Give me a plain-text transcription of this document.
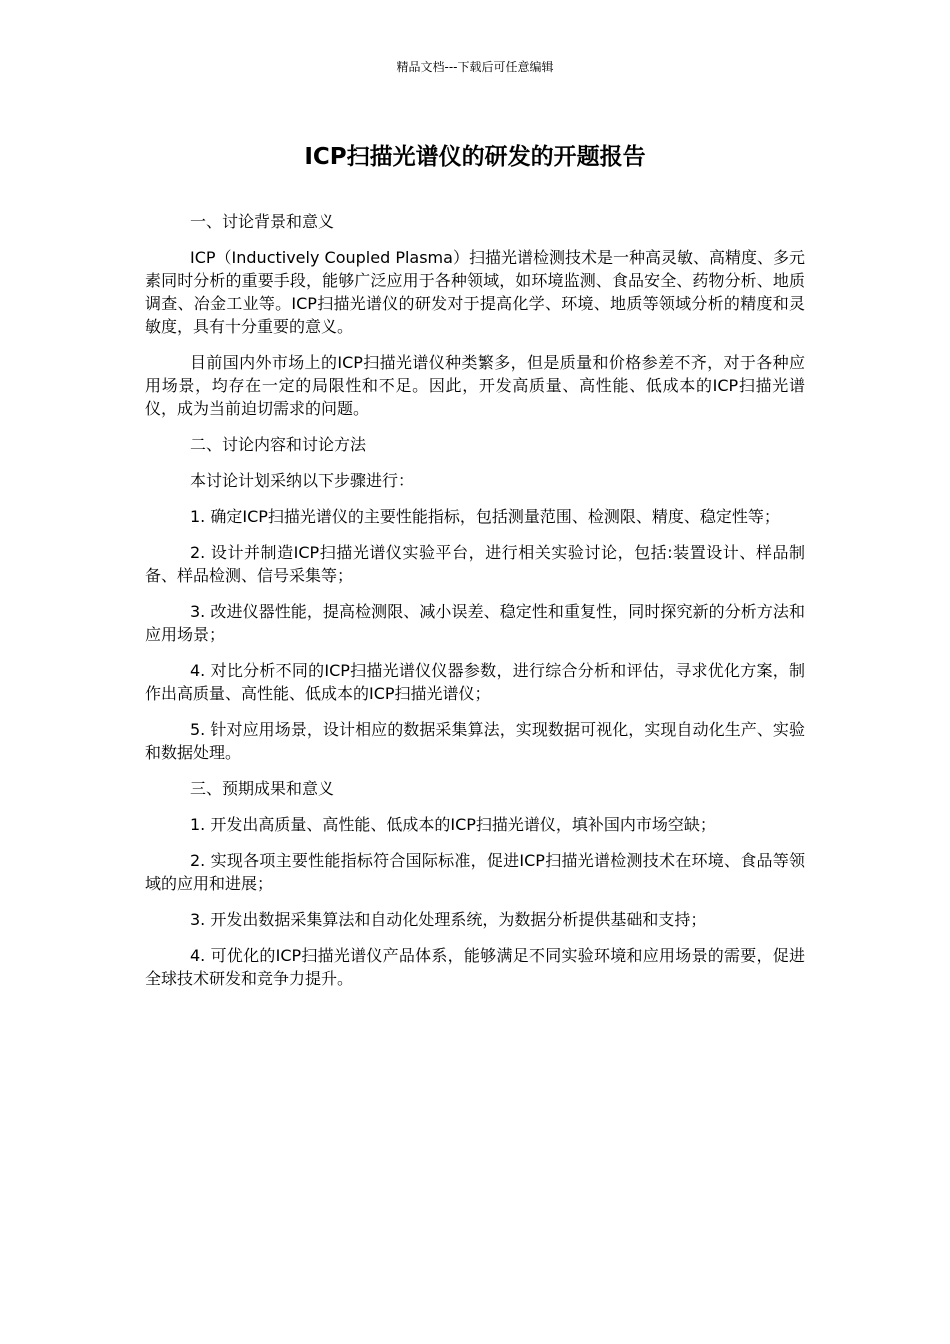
精品文档---下载后可任意编辑
ICP扫描光谱仪的研发的开题报告

一、讨论背景和意义

ICP（Inductively Coupled Plasma）扫描光谱检测技术是一种高灵敏、高精度、多元素同时分析的重要手段，能够广泛应用于各种领域，如环境监测、食品安全、药物分析、地质调查、冶金工业等。ICP扫描光谱仪的研发对于提高化学、环境、地质等领域分析的精度和灵敏度，具有十分重要的意义。

目前国内外市场上的ICP扫描光谱仪种类繁多，但是质量和价格参差不齐，对于各种应用场景，均存在一定的局限性和不足。因此，开发高质量、高性能、低成本的ICP扫描光谱仪，成为当前迫切需求的问题。

二、讨论内容和讨论方法

本讨论计划采纳以下步骤进行：

1. 确定ICP扫描光谱仪的主要性能指标，包括测量范围、检测限、精度、稳定性等；

2. 设计并制造ICP扫描光谱仪实验平台，进行相关实验讨论，包括:装置设计、样品制备、样品检测、信号采集等；

3. 改进仪器性能，提高检测限、减小误差、稳定性和重复性，同时探究新的分析方法和应用场景；

4. 对比分析不同的ICP扫描光谱仪仪器参数，进行综合分析和评估，寻求优化方案，制作出高质量、高性能、低成本的ICP扫描光谱仪；

5. 针对应用场景，设计相应的数据采集算法，实现数据可视化，实现自动化生产、实验和数据处理。

三、预期成果和意义

1. 开发出高质量、高性能、低成本的ICP扫描光谱仪，填补国内市场空缺；

2. 实现各项主要性能指标符合国际标准，促进ICP扫描光谱检测技术在环境、食品等领域的应用和进展；

3. 开发出数据采集算法和自动化处理系统，为数据分析提供基础和支持；

4. 可优化的ICP扫描光谱仪产品体系，能够满足不同实验环境和应用场景的需要，促进全球技术研发和竞争力提升。
